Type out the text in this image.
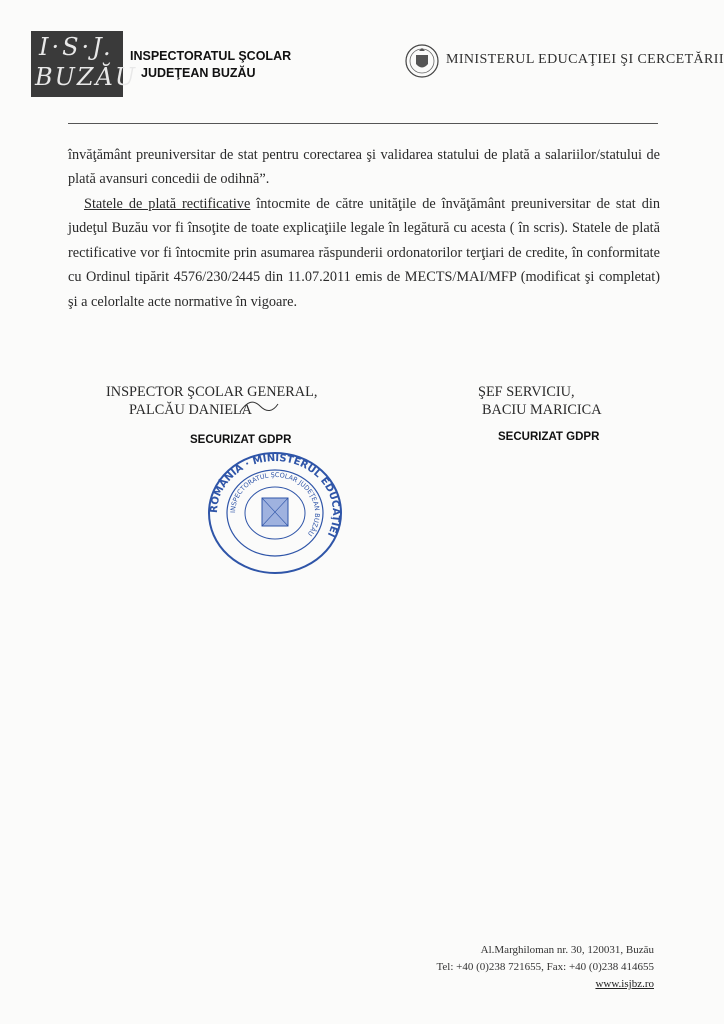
I·S·J.
BUZĂU
INSPECTORATUL ŞCOLAR
JUDEŢEAN BUZĂU
MINISTERUL EDUCAŢIEI ŞI CERCETĂRII
învăţământ preuniversitar de stat pentru corectarea şi validarea statului de plată a salariilor/statului de plată avansuri concedii de odihnă”.
Statele de plată rectificative întocmite de către unităţile de învăţământ preuniversitar de stat din judeţul Buzău vor fi însoţite de toate explicaţiile legale în legătură cu acesta ( în scris). Statele de plată rectificative vor fi întocmite prin asumarea răspunderii ordonatorilor terţiari de credite, în conformitate cu Ordinul tipărit 4576/230/2445 din 11.07.2011 emis de MECTS/MAI/MFP (modificat şi completat) şi a celorlalte acte normative în vigoare.
INSPECTOR ŞCOLAR GENERAL,
PALCĂU DANIELA
SECURIZAT GDPR
ŞEF SERVICIU,
BACIU MARICICA
SECURIZAT GDPR
ROMÂNIA · MINISTERUL EDUCAŢIEI
INSPECTORATUL ŞCOLAR JUDEŢEAN BUZĂU
Al.Marghiloman nr. 30, 120031, Buzău
Tel: +40 (0)238 721655, Fax: +40 (0)238 414655
www.isjbz.ro
